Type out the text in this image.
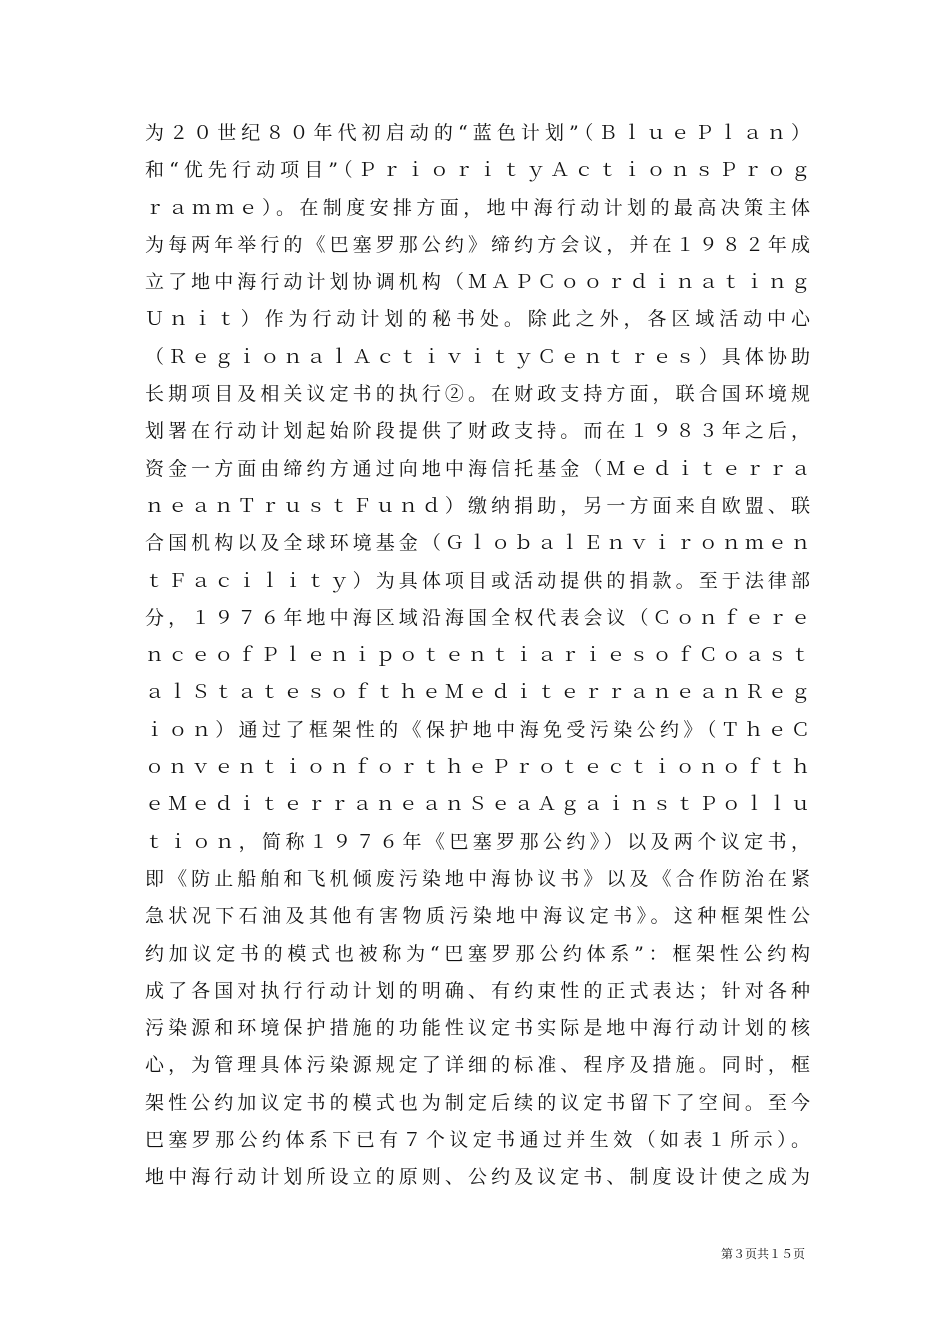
为２０世纪８０年代初启动的“蓝色计划”（ＢｌｕｅＰｌａｎ）
和“优先行动项目”（ＰｒｉｏｒｉｔｙＡｃｔｉｏｎｓＰｒｏｇ
ｒａｍｍｅ）。在制度安排方面，地中海行动计划的最高决策主体
为每两年举行的《巴塞罗那公约》缔约方会议，并在１９８２年成
立了地中海行动计划协调机构（ＭＡＰＣｏｏｒｄｉｎａｔｉｎｇ
Ｕｎｉｔ）作为行动计划的秘书处。除此之外，各区域活动中心
（ＲｅｇｉｏｎａｌＡｃｔｉｖｉｔｙＣｅｎｔｒｅｓ）具体协助
长期项目及相关议定书的执行②。在财政支持方面，联合国环境规
划署在行动计划起始阶段提供了财政支持。而在１９８３年之后，
资金一方面由缔约方通过向地中海信托基金（Ｍｅｄｉｔｅｒｒａ
ｎｅａｎＴｒｕｓｔＦｕｎｄ）缴纳捐助，另一方面来自欧盟、联
合国机构以及全球环境基金（ＧｌｏｂａｌＥｎｖｉｒｏｎｍｅｎ
ｔＦａｃｉｌｉｔｙ）为具体项目或活动提供的捐款。至于法律部
分，１９７６年地中海区域沿海国全权代表会议（Ｃｏｎｆｅｒｅ
ｎｃｅｏｆＰｌｅｎｉｐｏｔｅｎｔｉａｒｉｅｓｏｆＣｏａｓｔ
ａｌＳｔａｔｅｓｏｆｔｈｅＭｅｄｉｔｅｒｒａｎｅａｎＲｅｇ
ｉｏｎ）通过了框架性的《保护地中海免受污染公约》（ＴｈｅＣ
ｏｎｖｅｎｔｉｏｎｆｏｒｔｈｅＰｒｏｔｅｃｔｉｏｎｏｆｔｈ
ｅＭｅｄｉｔｅｒｒａｎｅａｎＳｅａＡｇａｉｎｓｔＰｏｌｌｕ
ｔｉｏｎ，简称１９７６年《巴塞罗那公约》）以及两个议定书，
即《防止船舶和飞机倾废污染地中海协议书》以及《合作防治在紧
急状况下石油及其他有害物质污染地中海议定书》。这种框架性公
约加议定书的模式也被称为“巴塞罗那公约体系”：框架性公约构
成了各国对执行行动计划的明确、有约束性的正式表达；针对各种
污染源和环境保护措施的功能性议定书实际是地中海行动计划的核
心，为管理具体污染源规定了详细的标准、程序及措施。同时，框
架性公约加议定书的模式也为制定后续的议定书留下了空间。至今
巴塞罗那公约体系下已有７个议定书通过并生效（如表１所示）。
地中海行动计划所设立的原则、公约及议定书、制度设计使之成为
第３页共１５页
